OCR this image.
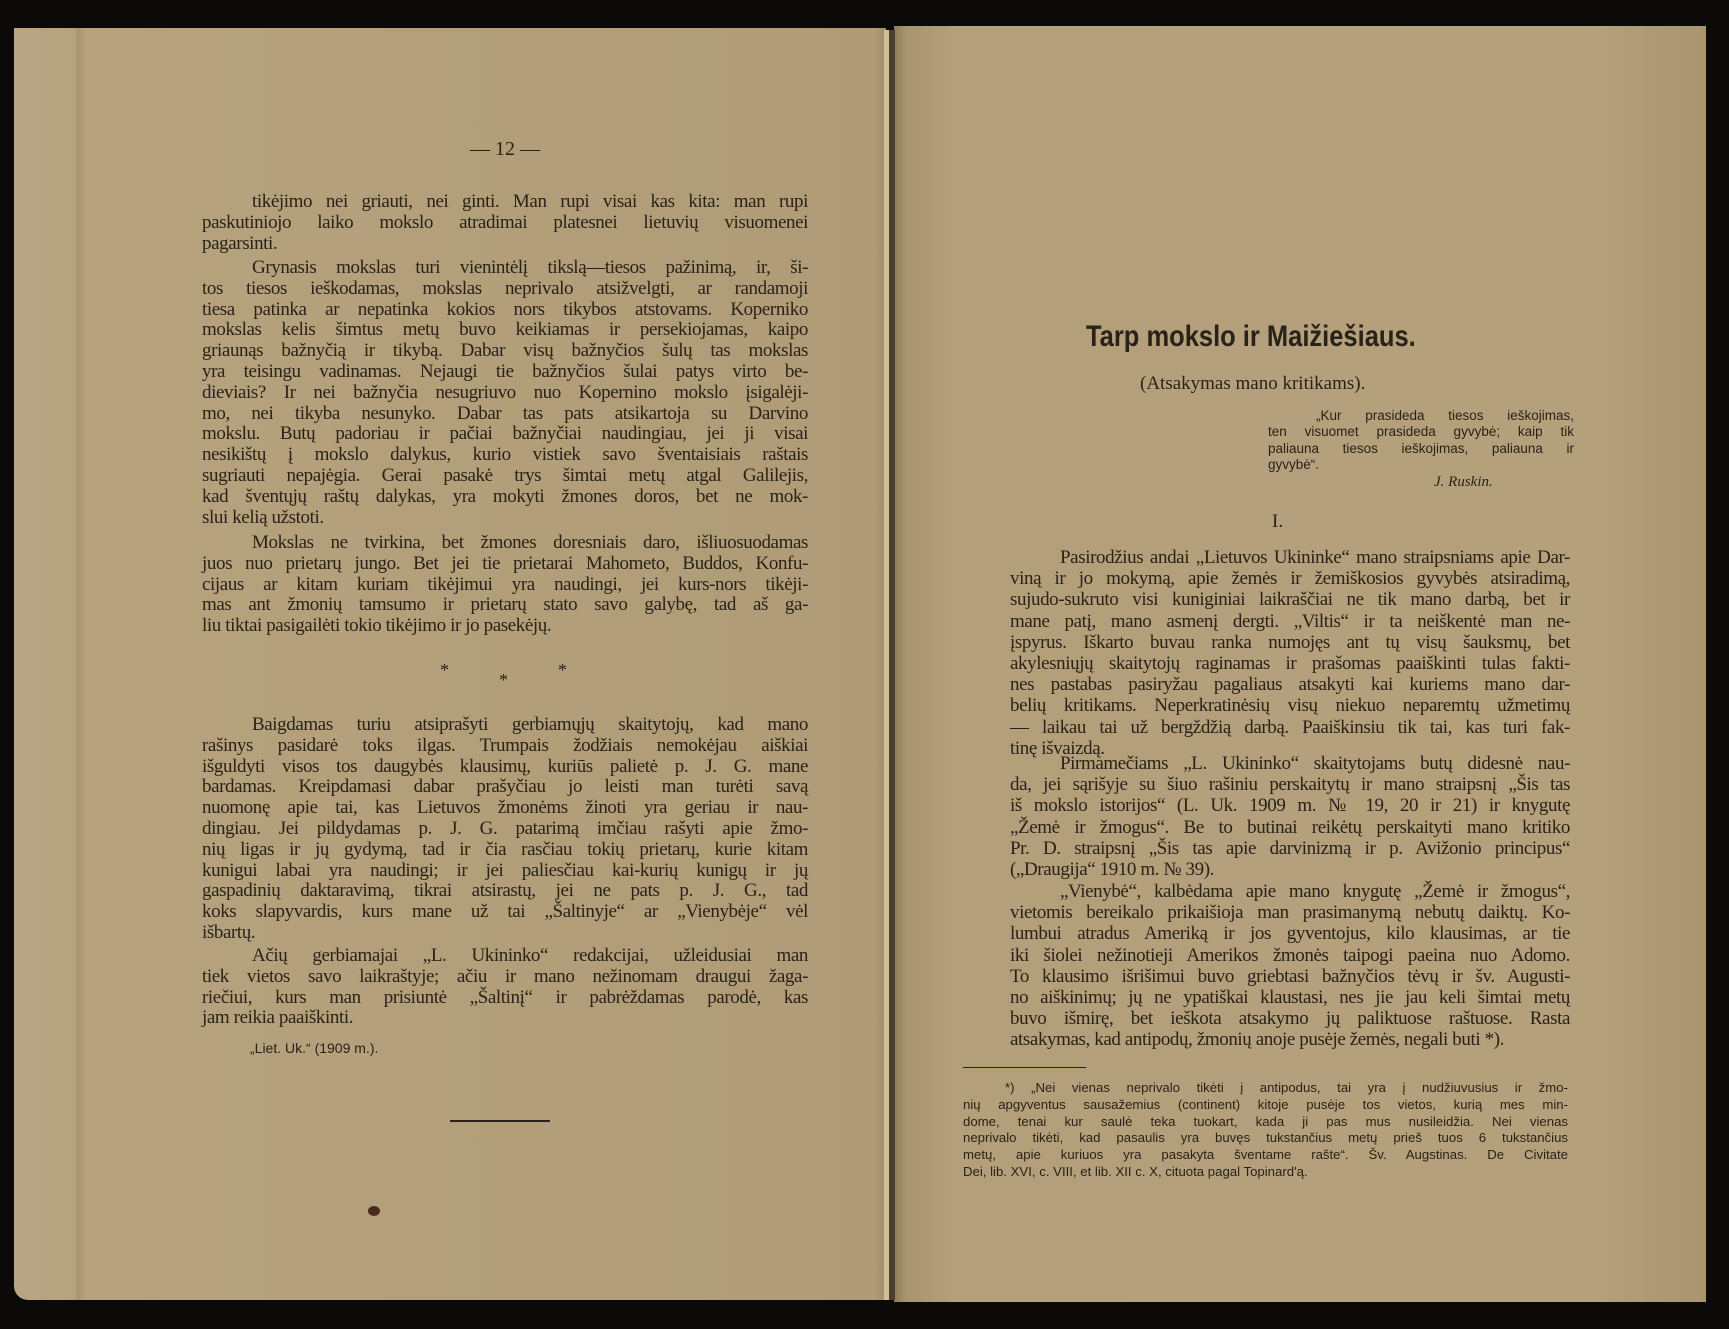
— 12 —
tikėjimo nei griauti, nei ginti. Man rupi visai kas kita: man rupi
paskutiniojo laiko mokslo atradimai platesnei lietuvių visuomenei
pagarsinti.
Grynasis mokslas turi vienintėlį tikslą—tiesos pažinimą, ir, ši-
tos tiesos ieškodamas, mokslas neprivalo atsižvelgti, ar randamoji
tiesa patinka ar nepatinka kokios nors tikybos atstovams. Koperniko
mokslas kelis šimtus metų buvo keikiamas ir persekiojamas, kaipo
griaunąs bažnyčią ir tikybą. Dabar visų bažnyčios šulų tas mokslas
yra teisingu vadinamas. Nejaugi tie bažnyčios šulai patys virto be-
dieviais? Ir nei bažnyčia nesugriuvo nuo Kopernino mokslo įsigalėji-
mo, nei tikyba nesunyko. Dabar tas pats atsikartoja su Darvino
mokslu. Butų padoriau ir pačiai bažnyčiai naudingiau, jei ji visai
nesikištų į mokslo dalykus, kurio vistiek savo šventaisiais raštais
sugriauti nepajėgia. Gerai pasakė trys šimtai metų atgal Galilejis,
kad šventųjų raštų dalykas, yra mokyti žmones doros, bet ne mok-
slui kelią užstoti.
Mokslas ne tvirkina, bet žmones doresniais daro, išliuosuodamas
juos nuo prietarų jungo. Bet jei tie prietarai Mahometo, Buddos, Konfu-
cijaus ar kitam kuriam tikėjimui yra naudingi, jei kurs-nors tikėji-
mas ant žmonių tamsumo ir prietarų stato savo galybę, tad aš ga-
liu tiktai pasigailėti tokio tikėjimo ir jo pasekėjų.
*	*	*
Baigdamas turiu atsiprašyti gerbiamųjų skaitytojų, kad mano
rašinys pasidarė toks ilgas. Trumpais žodžiais nemokėjau aiškiai
išguldyti visos tos daugybės klausimų, kuriūs palietė p. J. G. mane
bardamas. Kreipdamasi dabar prašyčiau jo leisti man turėti savą
nuomonę apie tai, kas Lietuvos žmonėms žinoti yra geriau ir nau-
dingiau. Jei pildydamas p. J. G. patarimą imčiau rašyti apie žmo-
nių ligas ir jų gydymą, tad ir čia rasčiau tokių prietarų, kurie kitam
kunigui labai yra naudingi; ir jei paliesčiau kai-kurių kunigų ir jų
gaspadinių daktaravimą, tikrai atsirastų, jei ne pats p. J. G., tad
koks slapyvardis, kurs mane už tai „Šaltinyje“ ar „Vienybėje“ vėl
išbartų.
Ačių gerbiamajai „L. Ukininko“ redakcijai, užleidusiai man
tiek vietos savo laikraštyje; ačiu ir mano nežinomam draugui žaga-
riečiui, kurs man prisiuntė „Šaltinį“ ir pabrėždamas parodė, kas
jam reikia paaiškinti.
„Liet. Uk.“ (1909 m.).
Tarp mokslo ir Maižiešiaus.
(Atsakymas mano kritikams).
„Kur prasideda tiesos ieškojimas,
ten visuomet prasideda gyvybė; kaip tik
paliauna tiesos ieškojimas, paliauna ir
gyvybė“.
J. Ruskin.
I.
Pasirodžius andai „Lietuvos Ukininke“ mano straipsniams apie Dar-
viną ir jo mokymą, apie žemės ir žemiškosios gyvybės atsiradimą,
sujudo-sukruto visi kuniginiai laikraščiai ne tik mano darbą, bet ir
mane patį, mano asmenį dergti. „Viltis“ ir ta neiškentė man ne-
įspyrus. Iškarto buvau ranka numojęs ant tų visų šauksmų, bet
akylesniųjų skaitytojų raginamas ir prašomas paaiškinti tulas fakti-
nes pastabas pasiryžau pagaliaus atsakyti kai kuriems mano dar-
belių kritikams. Neperkratinėsių visų niekuo neparemtų užmetimų
— laikau tai už bergždžią darbą. Paaiškinsiu tik tai, kas turi fak-
tinę išvaizdą.
Pirmamečiams „L. Ukininko“ skaitytojams butų didesnė nau-
da, jei sąrišyje su šiuo rašiniu perskaitytų ir mano straipsnį „Šis tas
iš mokslo istorijos“ (L. Uk. 1909 m. № 19, 20 ir 21) ir knygutę
„Žemė ir žmogus“. Be to butinai reikėtų perskaityti mano kritiko
Pr. D. straipsnį „Šis tas apie darvinizmą ir p. Avižonio principus“
(„Draugija“ 1910 m. № 39).
„Vienybė“, kalbėdama apie mano knygutę „Žemė ir žmogus“,
vietomis bereikalo prikaišioja man prasimanymą nebutų daiktų. Ko-
lumbui atradus Ameriką ir jos gyventojus, kilo klausimas, ar tie
iki šiolei nežinotieji Amerikos žmonės taipogi paeina nuo Adomo.
To klausimo išrišimui buvo griebtasi bažnyčios tėvų ir šv. Augusti-
no aiškinimų; jų ne ypatiškai klaustasi, nes jie jau keli šimtai metų
buvo išmirę, bet ieškota atsakymo jų paliktuose raštuose. Rasta
atsakymas, kad antipodų, žmonių anoje pusėje žemės, negali buti *).
*) „Nei vienas neprivalo tikėti į antipodus, tai yra į nudžiuvusius ir žmo-
nių apgyventus sausažemius (continent) kitoje pusėje tos vietos, kurią mes min-
dome, tenai kur saulė teka tuokart, kada ji pas mus nusileidžia. Nei vienas
neprivalo tikėti, kad pasaulis yra buvęs tukstančius metų prieš tuos 6 tukstančius
metų, apie kuriuos yra pasakyta šventame rašte“. Šv. Augstinas. De Civitate
Dei, lib. XVI, c. VIII, et lib. XII c. X, cituota pagal Topinard'ą.
